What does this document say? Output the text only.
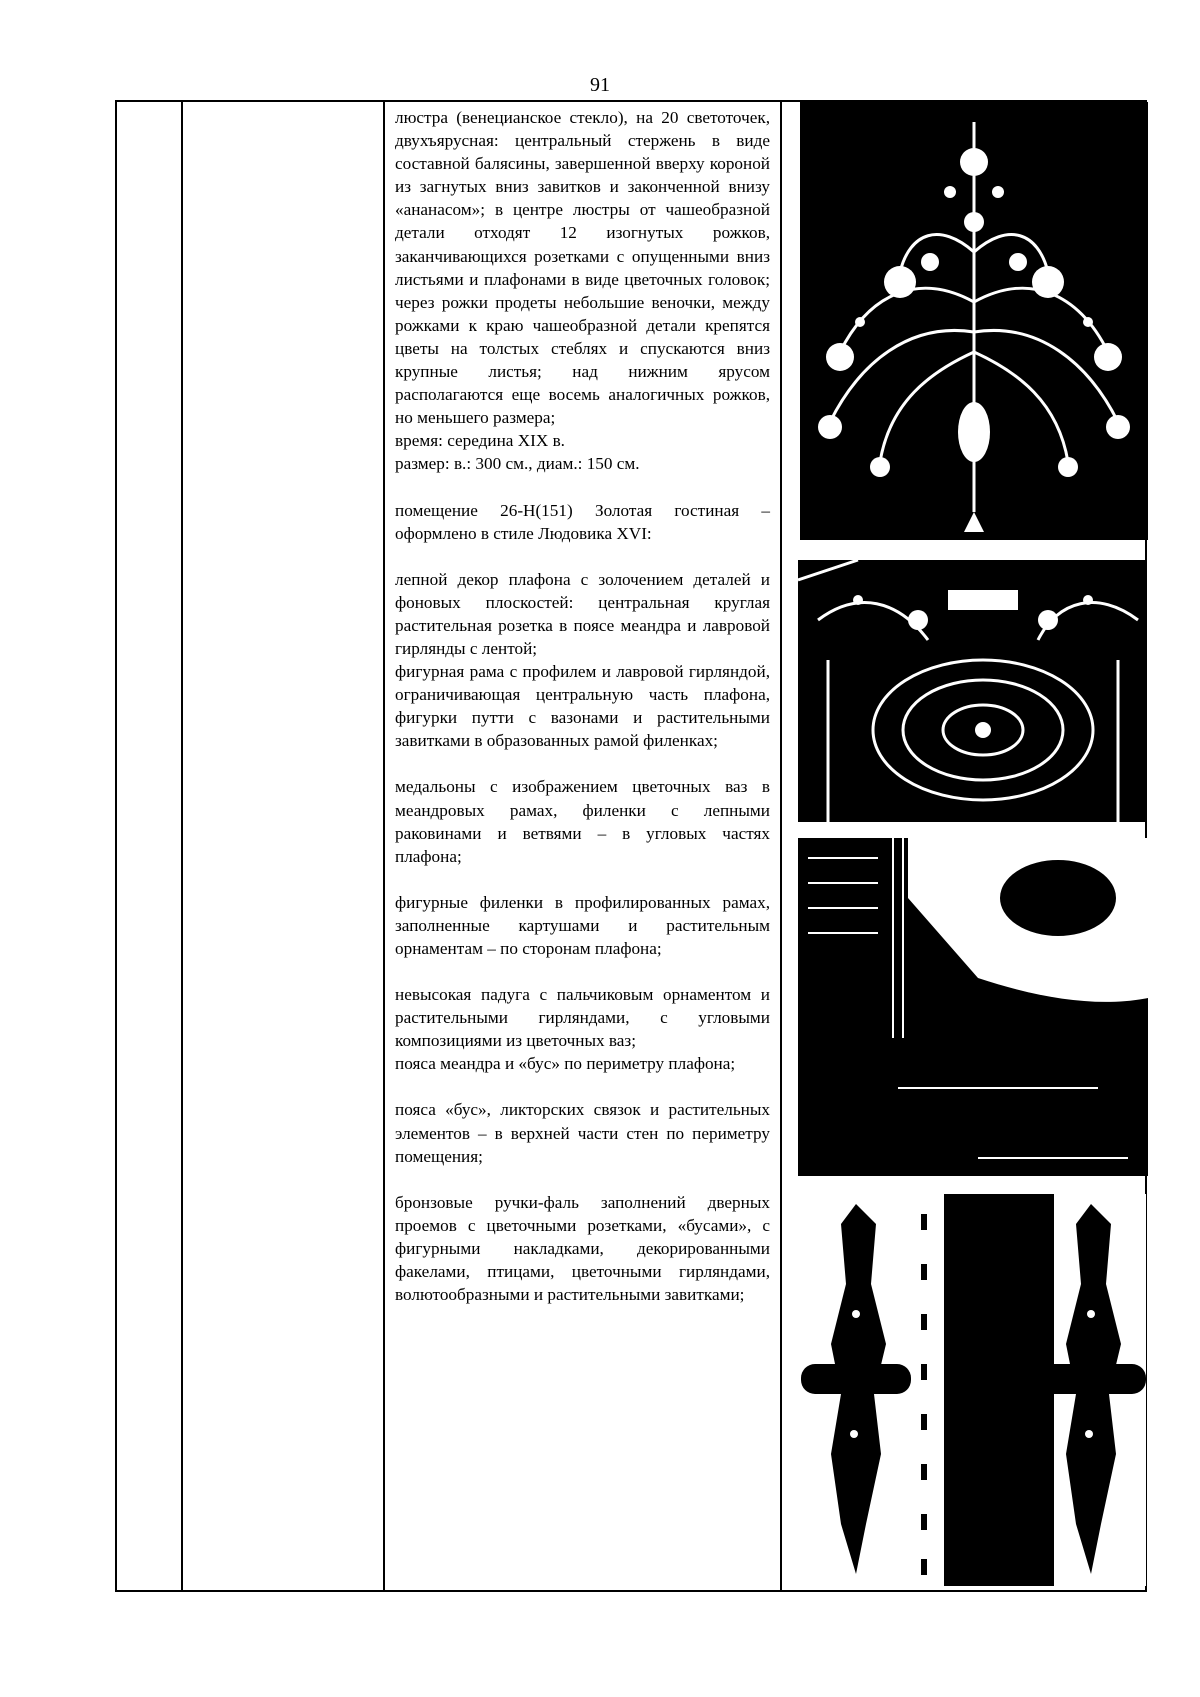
91

люстра (венецианское стекло), на 20 светоточек, двухъярусная: центральный стержень в виде составной балясины, завершенной вверху короной из загнутых вниз завитков и законченной внизу «ананасом»; в центре люстры от чашеобразной детали отходят 12 изогнутых рожков, заканчивающихся розетками с опущенными вниз листьями и плафонами в виде цветочных головок; через рожки продеты небольшие веночки, между рожками к краю чашеобразной детали крепятся цветы на толстых стеблях и спускаются вниз крупные листья; над нижним ярусом располагаются еще восемь аналогичных рожков, но меньшего размера;

время: середина XIX в.

размер: в.: 300 см., диам.: 150 см.

помещение 26-Н(151) Золотая гостиная – оформлено в стиле Людовика XVI:

лепной декор плафона с золочением деталей и фоновых плоскостей: центральная круглая растительная розетка в поясе меандра и лавровой гирлянды с лентой;

фигурная рама с профилем и лавровой гирляндой, ограничивающая центральную часть плафона, фигурки путти с вазонами и растительными завитками в образованных рамой филенках;

медальоны с изображением цветочных ваз в меандровых рамах, филенки с лепными раковинами и ветвями – в угловых частях плафона;

фигурные филенки в профилированных рамах, заполненные картушами и растительным орнаментам – по сторонам плафона;

невысокая падуга с пальчиковым орнаментом и растительными гирляндами, с угловыми композициями из цветочных ваз;

пояса меандра и «бус» по периметру плафона;

пояса «бус», ликторских связок и растительных элементов – в верхней части стен по периметру помещения;

бронзовые ручки-фаль заполнений дверных проемов с цветочными розетками, «бусами», с фигурными накладками, декорированными факелами, птицами, цветочными гирляндами, волютообразными и растительными завитками;
